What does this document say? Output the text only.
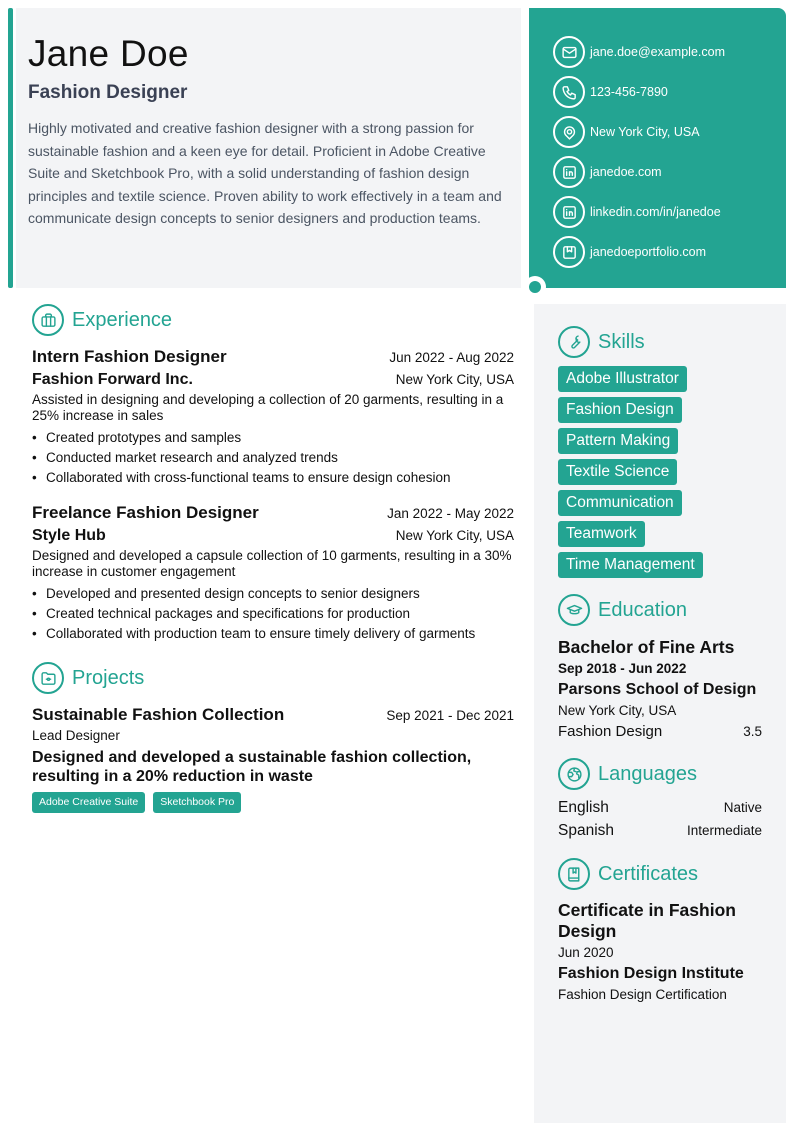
Jane Doe
Fashion Designer

Highly motivated and creative fashion designer with a strong passion for sustainable fashion and a keen eye for detail. Proficient in Adobe Creative Suite and Sketchbook Pro, with a solid understanding of fashion design principles and textile science. Proven ability to work effectively in a team and communicate design concepts to senior designers and production teams.

jane.doe@example.com
123-456-7890
New York City, USA
janedoe.com
linkedin.com/in/janedoe
janedoeportfolio.com
Experience
Intern Fashion Designer	Jun 2022 - Aug 2022
Fashion Forward Inc.	New York City, USA

Assisted in designing and developing a collection of 20 garments, resulting in a 25% increase in sales

• Created prototypes and samples
• Conducted market research and analyzed trends
• Collaborated with cross-functional teams to ensure design cohesion
Freelance Fashion Designer	Jan 2022 - May 2022
Style Hub	New York City, USA

Designed and developed a capsule collection of 10 garments, resulting in a 30% increase in customer engagement

• Developed and presented design concepts to senior designers
• Created technical packages and specifications for production
• Collaborated with production team to ensure timely delivery of garments
Projects
Sustainable Fashion Collection	Sep 2021 - Dec 2021
Lead Designer

Designed and developed a sustainable fashion collection, resulting in a 20% reduction in waste

Adobe Creative Suite	Sketchbook Pro
Skills
Adobe Illustrator
Fashion Design
Pattern Making
Textile Science
Communication
Teamwork
Time Management
Education
Bachelor of Fine Arts
Sep 2018 - Jun 2022
Parsons School of Design
New York City, USA
Fashion Design	3.5
Languages
English	Native
Spanish	Intermediate
Certificates
Certificate in Fashion Design
Jun 2020
Fashion Design Institute
Fashion Design Certification
